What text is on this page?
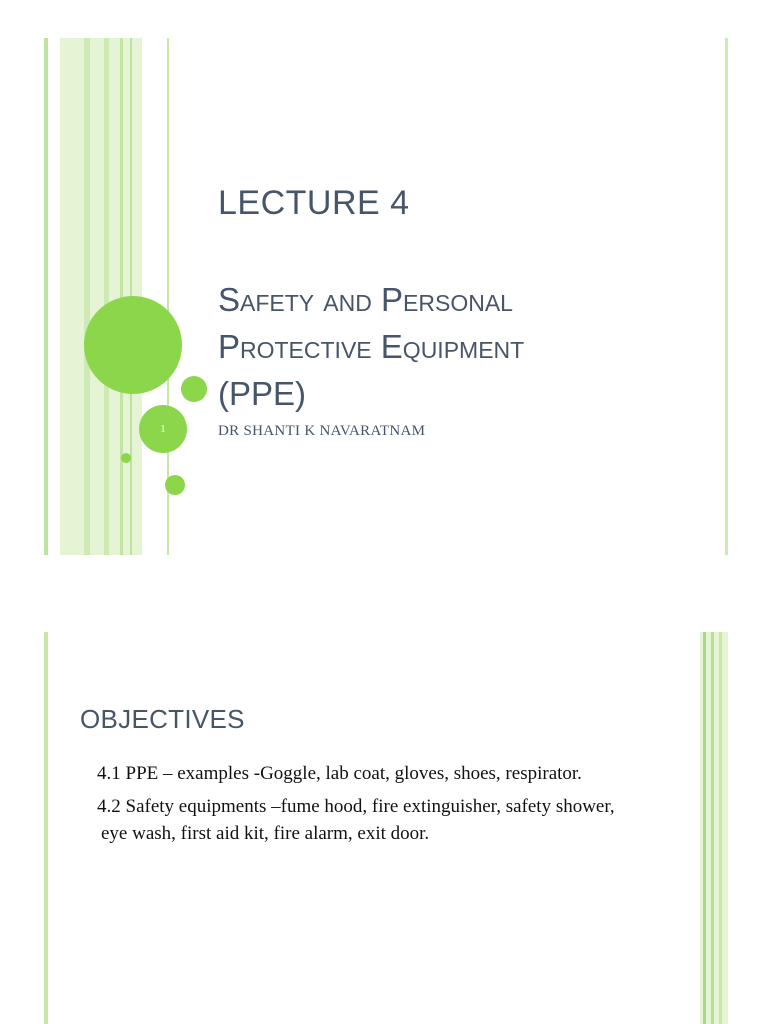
1
LECTURE 4
Safety and Personal
Protective Equipment
(PPE)
DR SHANTI K NAVARATNAM
OBJECTIVES
4.1 PPE – examples -Goggle, lab coat, gloves, shoes, respirator.
4.2 Safety equipments –fume hood, fire extinguisher, safety shower, eye wash, first aid kit, fire alarm, exit door.
